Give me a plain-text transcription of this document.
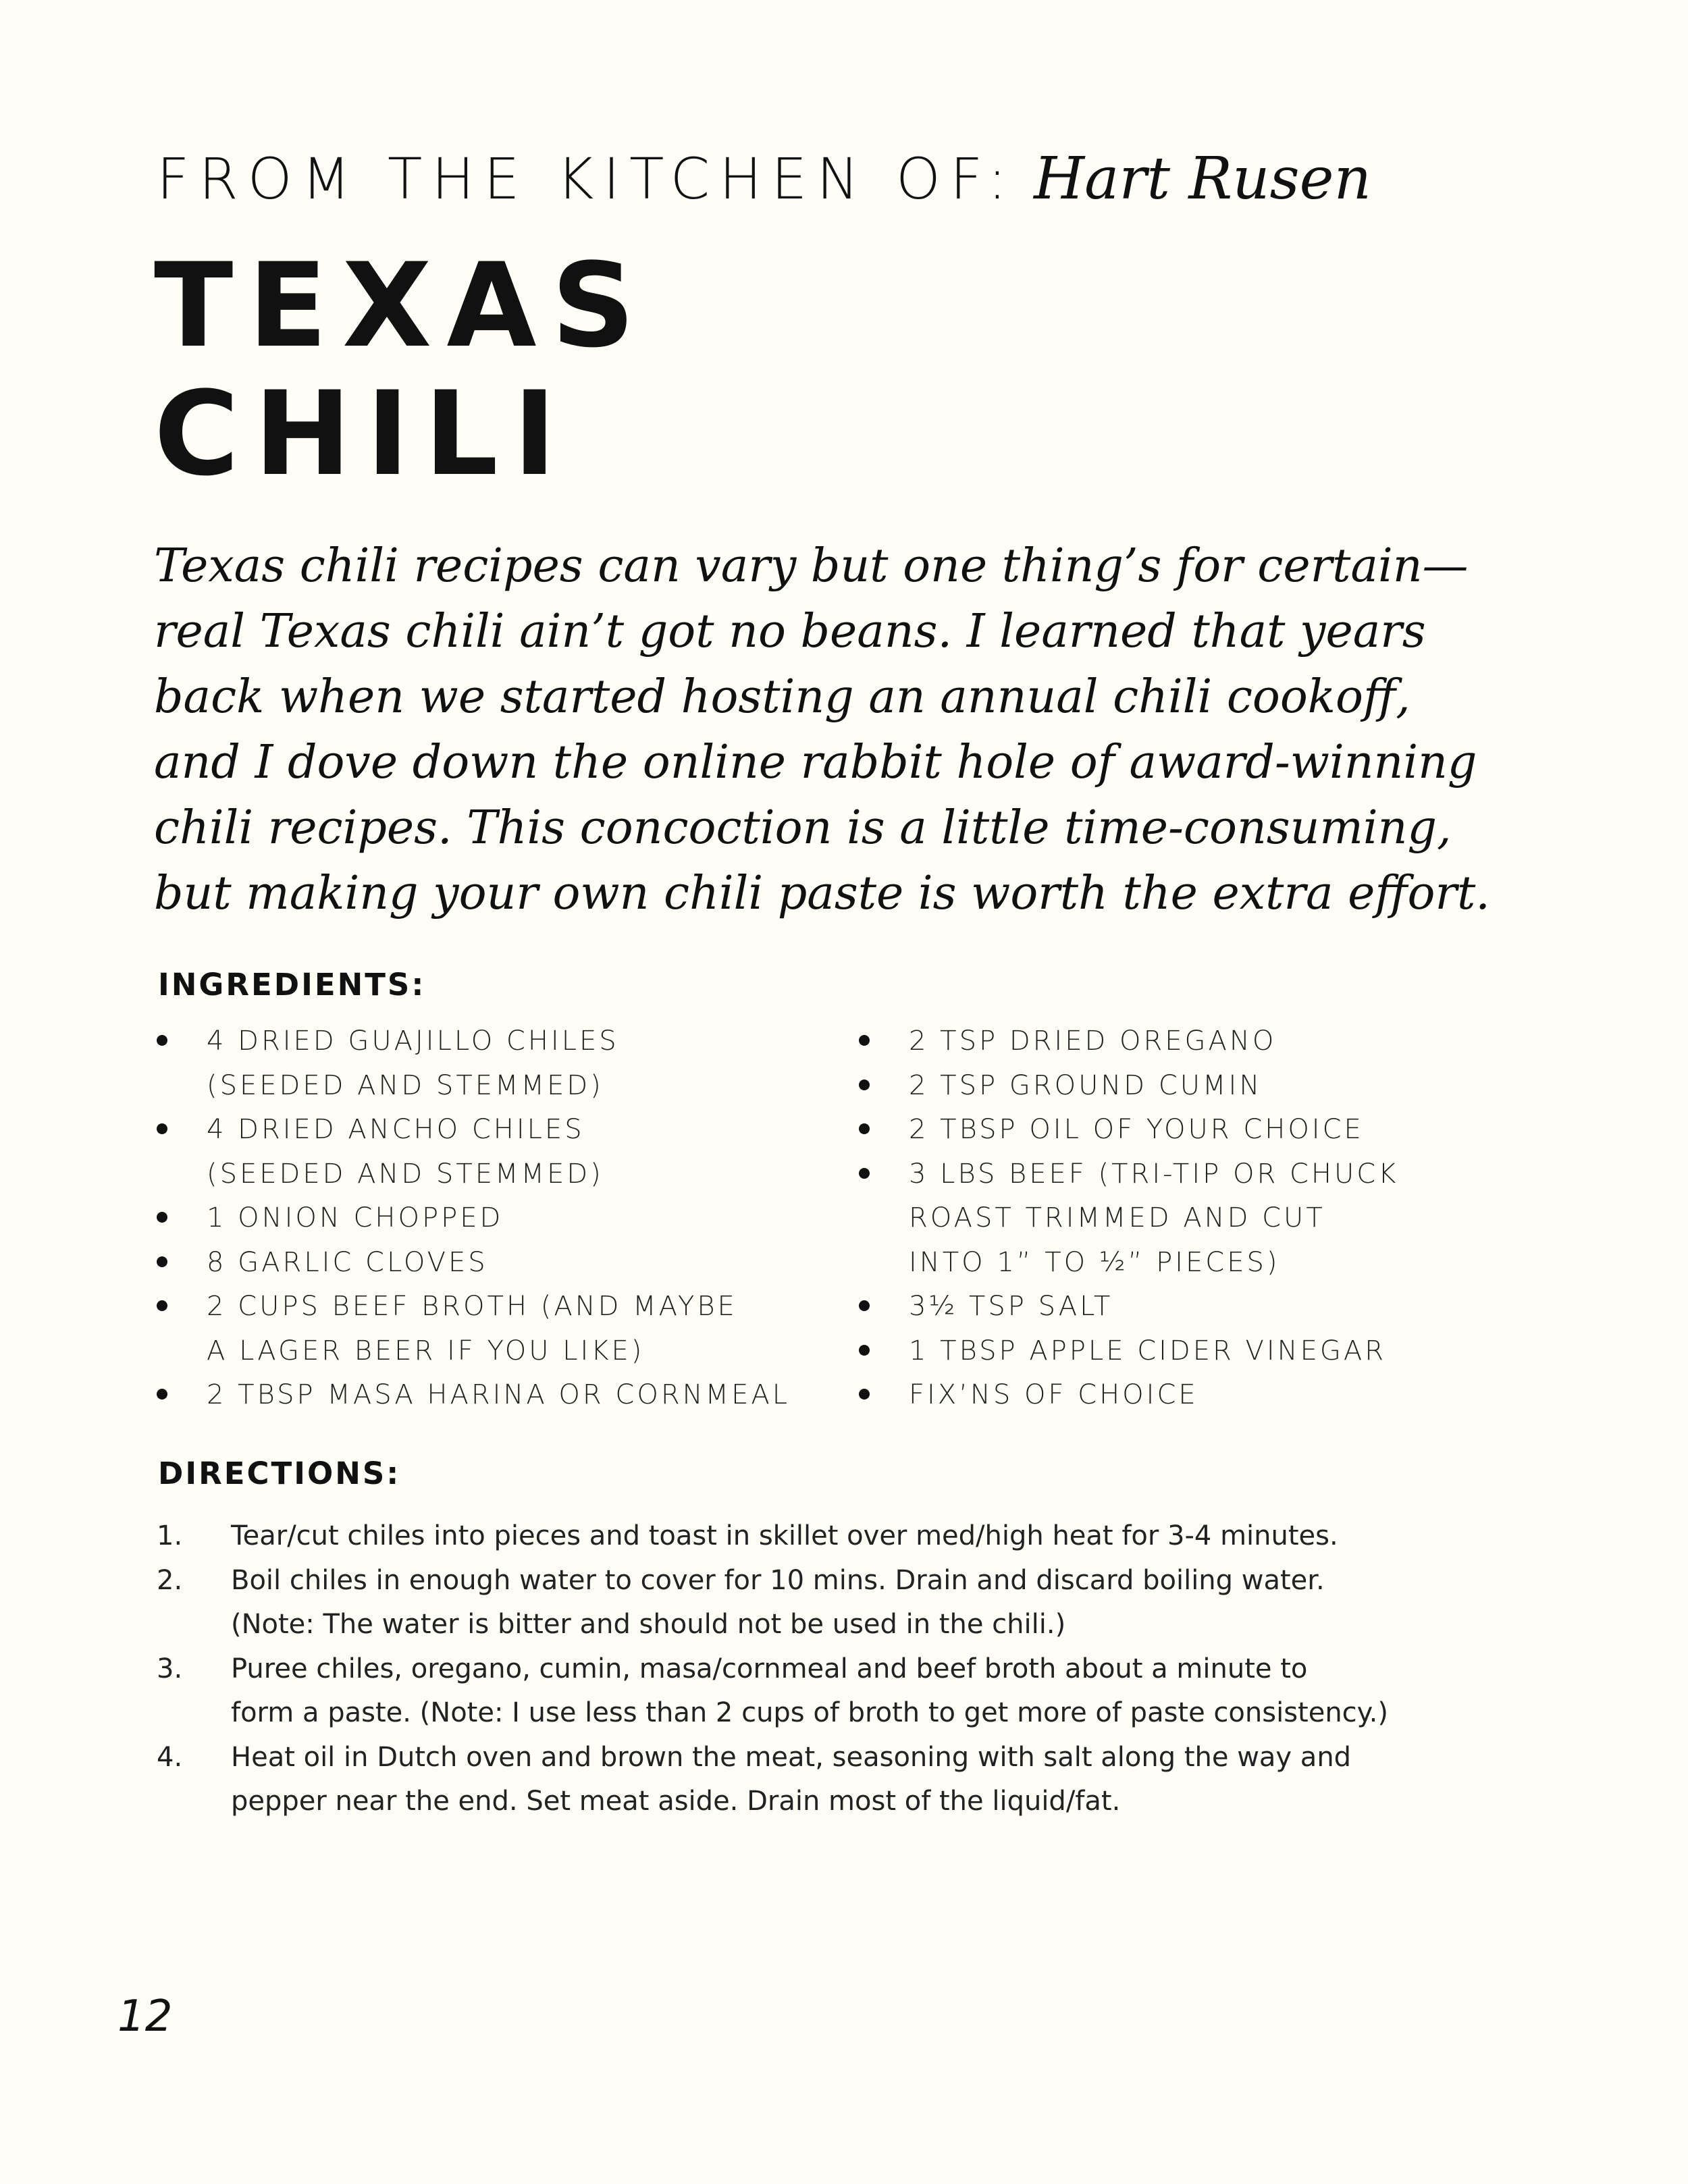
FROM THE KITCHEN OF: Hart Rusen
TEXAS
CHILI
Texas chili recipes can vary but one thing’s for certain—
real Texas chili ain’t got no beans. I learned that years
back when we started hosting an annual chili cookoff,
and I dove down the online rabbit hole of award-winning
chili recipes. This concoction is a little time-consuming,
but making your own chili paste is worth the extra effort.
INGREDIENTS:
4 DRIED GUAJILLO CHILES
(SEEDED AND STEMMED)
4 DRIED ANCHO CHILES
(SEEDED AND STEMMED)
1 ONION CHOPPED
8 GARLIC CLOVES
2 CUPS BEEF BROTH (AND MAYBE
A LAGER BEER IF YOU LIKE)
2 TBSP MASA HARINA OR CORNMEAL
2 TSP DRIED OREGANO
2 TSP GROUND CUMIN
2 TBSP OIL OF YOUR CHOICE
3 LBS BEEF (TRI-TIP OR CHUCK
ROAST TRIMMED AND CUT
INTO 1” TO ½” PIECES)
3½ TSP SALT
1 TBSP APPLE CIDER VINEGAR
FIX’NS OF CHOICE
DIRECTIONS:
1. Tear/cut chiles into pieces and toast in skillet over med/high heat for 3-4 minutes.
2. Boil chiles in enough water to cover for 10 mins. Drain and discard boiling water.
(Note: The water is bitter and should not be used in the chili.)
3. Puree chiles, oregano, cumin, masa/cornmeal and beef broth about a minute to
form a paste. (Note: I use less than 2 cups of broth to get more of paste consistency.)
4. Heat oil in Dutch oven and brown the meat, seasoning with salt along the way and
pepper near the end. Set meat aside. Drain most of the liquid/fat.
12
